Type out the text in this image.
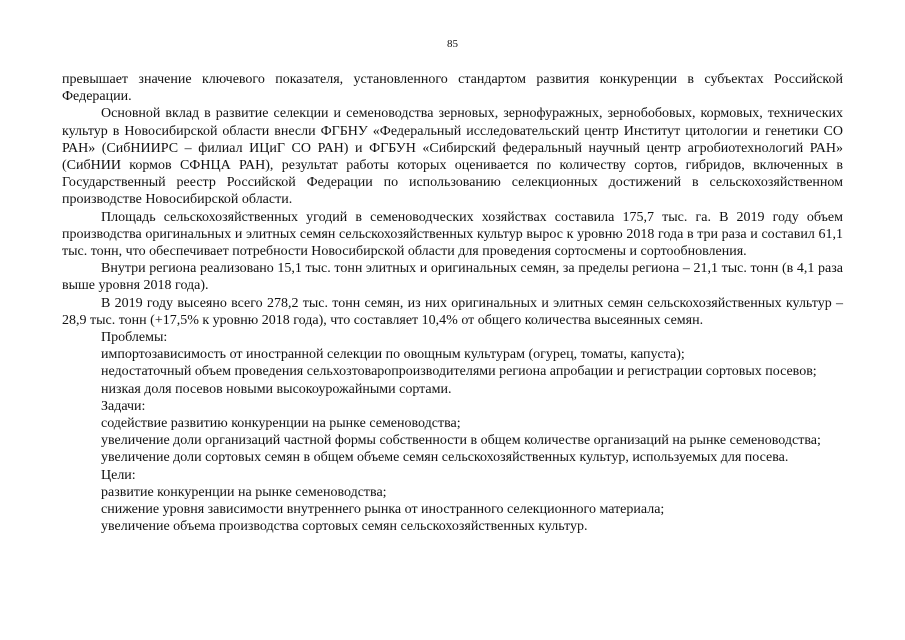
85

превышает значение ключевого показателя, установленного стандартом развития конкуренции в субъектах Российской Федерации.

Основной вклад в развитие селекции и семеноводства зерновых, зернофуражных, зернобобовых, кормовых, технических культур в Новосибирской области внесли ФГБНУ «Федеральный исследовательский центр Институт цитологии и генетики СО РАН» (СибНИИРС – филиал ИЦиГ СО РАН) и ФГБУН «Сибирский федеральный научный центр агробиотехнологий РАН» (СибНИИ кормов СФНЦА РАН), результат работы которых оценивается по количеству сортов, гибридов, включенных в Государственный реестр Российской Федерации по использованию селекционных достижений в сельскохозяйственном производстве Новосибирской области.

Площадь сельскохозяйственных угодий в семеноводческих хозяйствах составила 175,7 тыс. га. В 2019 году объем производства оригинальных и элитных семян сельскохозяйственных культур вырос к уровню 2018 года в три раза и составил 61,1 тыс. тонн, что обеспечивает потребности Новосибирской области для проведения сортосмены и сортообновления.

Внутри региона реализовано 15,1 тыс. тонн элитных и оригинальных семян, за пределы региона – 21,1 тыс. тонн (в 4,1 раза выше уровня 2018 года).

В 2019 году высеяно всего 278,2 тыс. тонн семян, из них оригинальных и элитных семян сельскохозяйственных культур – 28,9 тыс. тонн (+17,5% к уровню 2018 года), что составляет 10,4% от общего количества высеянных семян.

Проблемы:

импортозависимость от иностранной селекции по овощным культурам (огурец, томаты, капуста);

недостаточный объем проведения сельхозтоваропроизводителями региона апробации и регистрации сортовых посевов;

низкая доля посевов новыми высокоурожайными сортами.

Задачи:

содействие развитию конкуренции на рынке семеноводства;

увеличение доли организаций частной формы собственности в общем количестве организаций на рынке семеноводства;

увеличение доли сортовых семян в общем объеме семян сельскохозяйственных культур, используемых для посева.

Цели:

развитие конкуренции на рынке семеноводства;

снижение уровня зависимости внутреннего рынка от иностранного селекционного материала;

увеличение объема производства сортовых семян сельскохозяйственных культур.
